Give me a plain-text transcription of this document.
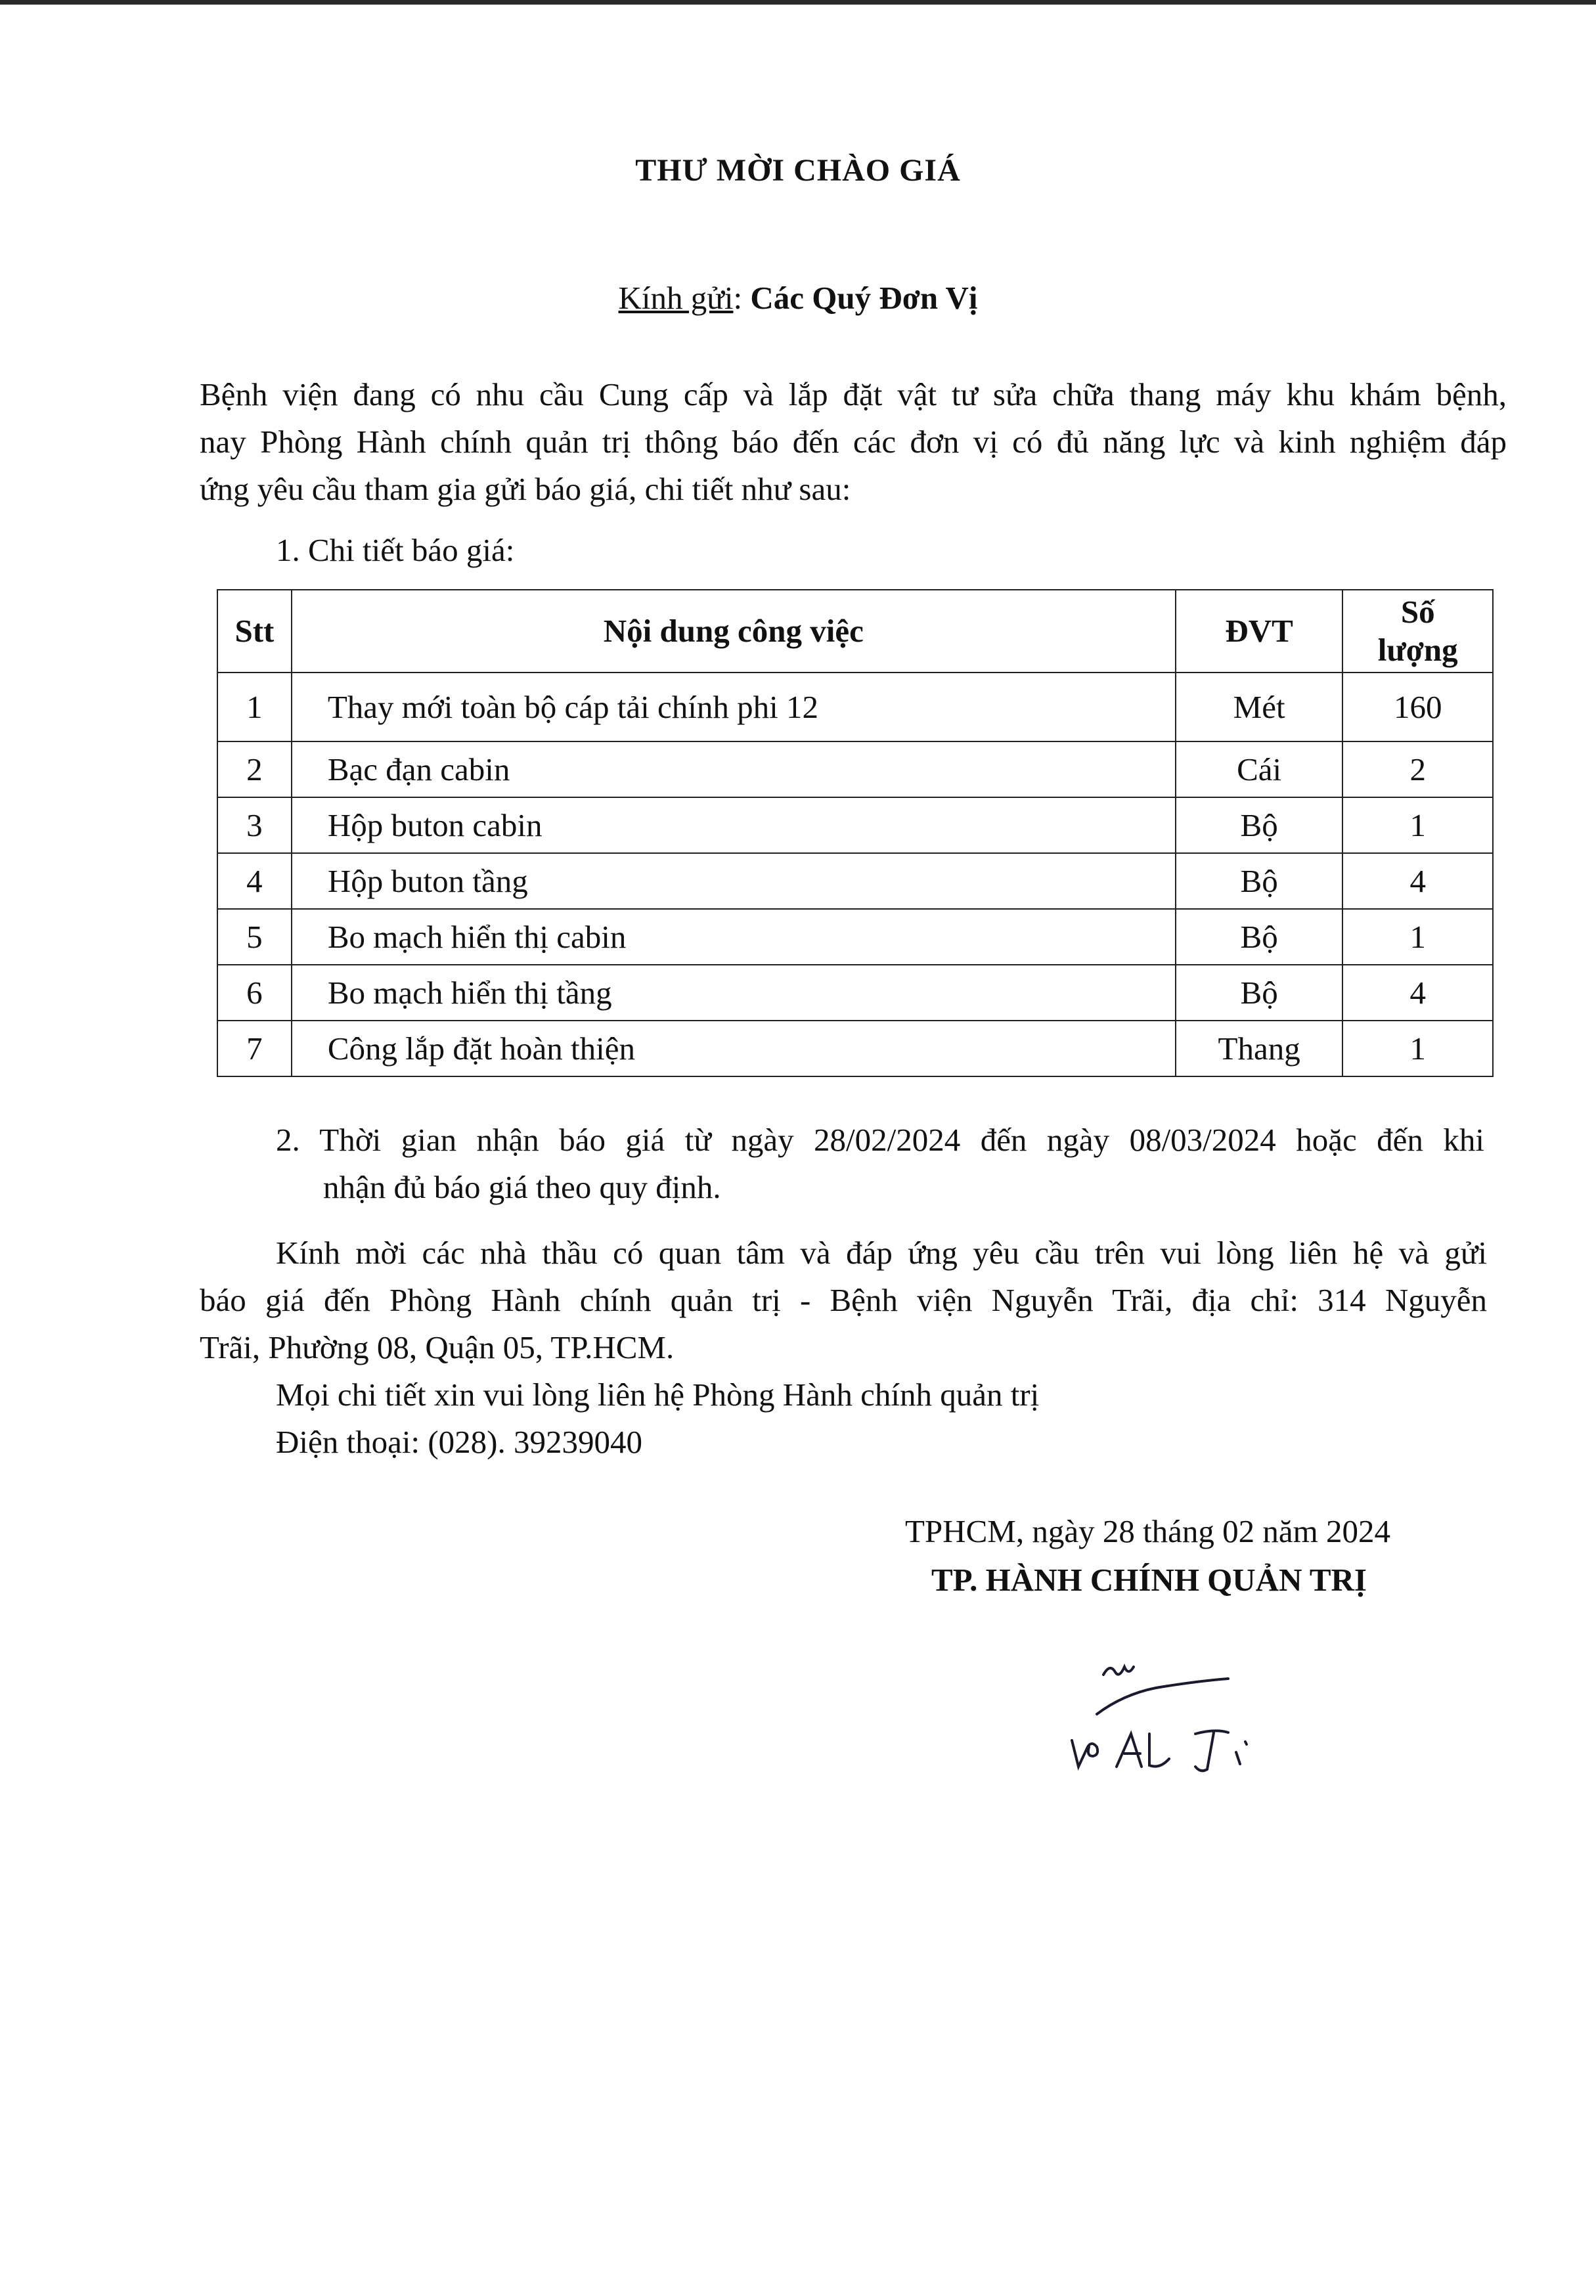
THƯ MỜI CHÀO GIÁ
Kính gửi: Các Quý Đơn Vị
Bệnh viện đang có nhu cầu Cung cấp và lắp đặt vật tư sửa chữa thang máy khu khám bệnh,
nay Phòng Hành chính quản trị thông báo đến các đơn vị có đủ năng lực và kinh nghiệm đáp
ứng yêu cầu tham gia gửi báo giá, chi tiết như sau:
1. Chi tiết báo giá:
Stt	Nội dung công việc	ĐVT	Số
lượng
1	Thay mới toàn bộ cáp tải chính phi 12	Mét	160
2	Bạc đạn cabin	Cái	2
3	Hộp buton cabin	Bộ	1
4	Hộp buton tầng	Bộ	4
5	Bo mạch hiển thị cabin	Bộ	1
6	Bo mạch hiển thị tầng	Bộ	4
7	Công lắp đặt hoàn thiện	Thang	1
2. Thời gian nhận báo giá từ ngày 28/02/2024 đến ngày 08/03/2024 hoặc đến khi
nhận đủ báo giá theo quy định.
Kính mời các nhà thầu có quan tâm và đáp ứng yêu cầu trên vui lòng liên hệ và gửi
báo giá đến Phòng Hành chính quản trị - Bệnh viện Nguyễn Trãi, địa chỉ: 314 Nguyễn
Trãi, Phường 08, Quận 05, TP.HCM.
Mọi chi tiết xin vui lòng liên hệ Phòng Hành chính quản trị
Điện thoại: (028). 39239040
TPHCM, ngày 28 tháng 02 năm 2024
TP. HÀNH CHÍNH QUẢN TRỊ
